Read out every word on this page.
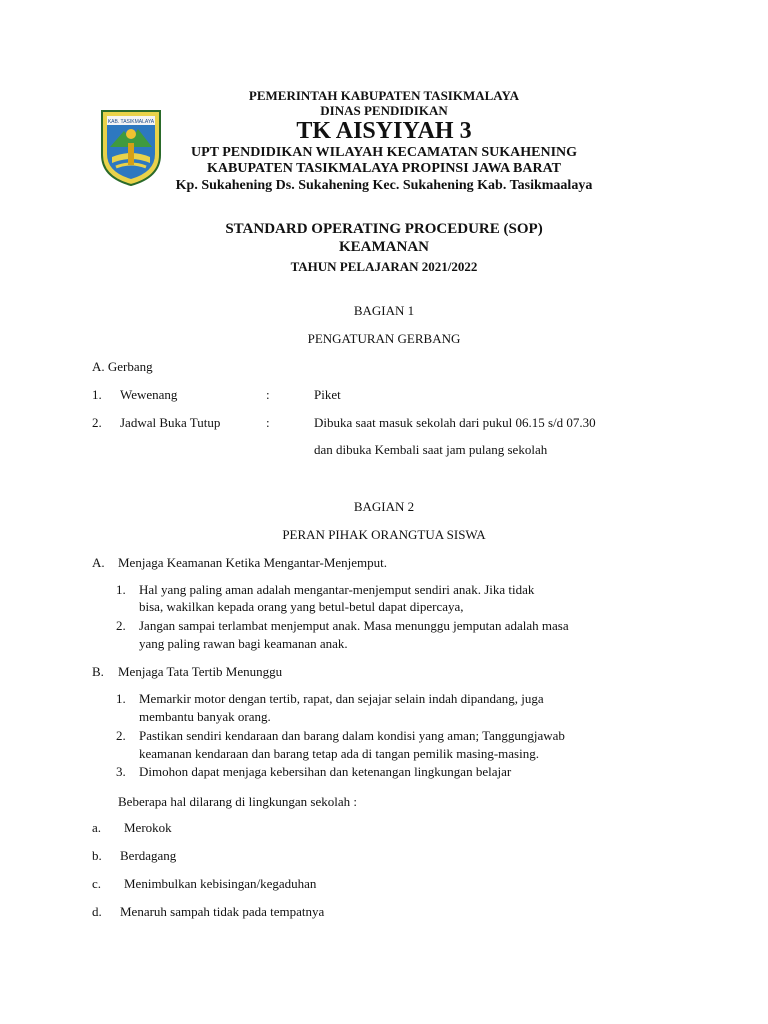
KAB. TASIKMALAYA
PEMERINTAH KABUPATEN TASIKMALAYA
DINAS PENDIDIKAN
TK AISYIYAH 3
UPT PENDIDIKAN WILAYAH KECAMATAN SUKAHENING
KABUPATEN TASIKMALAYA PROPINSI JAWA BARAT
Kp. Sukahening Ds. Sukahening Kec. Sukahening Kab. Tasikmaalaya
STANDARD OPERATING PROCEDURE (SOP)
KEAMANAN
TAHUN PELAJARAN 2021/2022
BAGIAN 1
PENGATURAN GERBANG
A. Gerbang
1. Wewenang	:	Piket
2. Jadwal Buka Tutup	:	Dibuka saat masuk sekolah dari pukul 06.15 s/d 07.30
dan dibuka Kembali saat jam pulang sekolah
BAGIAN 2
PERAN PIHAK ORANGTUA SISWA
A. Menjaga Keamanan Ketika Mengantar-Menjemput.
1. Hal yang paling aman adalah mengantar-menjemput sendiri anak. Jika tidak
bisa, wakilkan kepada orang yang betul-betul dapat dipercaya,
2. Jangan sampai terlambat menjemput anak. Masa menunggu jemputan adalah masa
yang paling rawan bagi keamanan anak.
B. Menjaga Tata Tertib Menunggu
1. Memarkir motor dengan tertib, rapat, dan sejajar selain indah dipandang, juga
membantu banyak orang.
2. Pastikan sendiri kendaraan dan barang dalam kondisi yang aman; Tanggungjawab
keamanan kendaraan dan barang tetap ada di tangan pemilik masing-masing.
3. Dimohon dapat menjaga kebersihan dan ketenangan lingkungan belajar
Beberapa hal dilarang di lingkungan sekolah :
a. Merokok
b. Berdagang
c. Menimbulkan kebisingan/kegaduhan
d. Menaruh sampah tidak pada tempatnya
